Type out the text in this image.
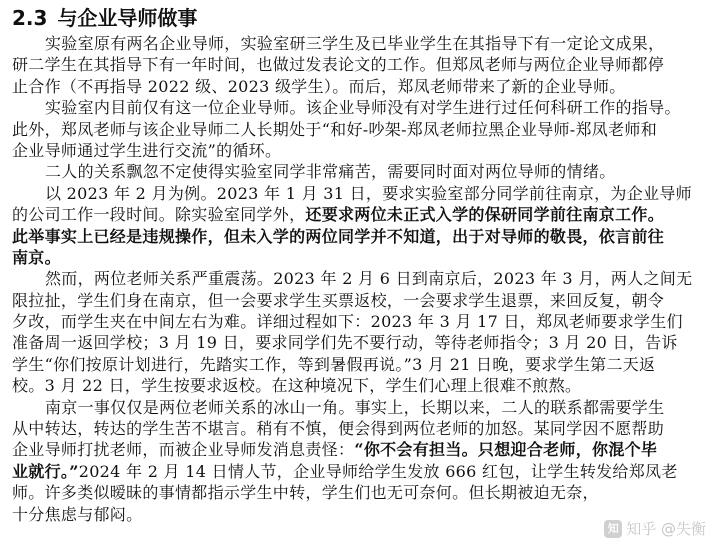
2.3 与企业导师做事
实验室原有两名企业导师，实验室研三学生及已毕业学生在其指导下有一定论文成果，
研二学生在其指导下有一年时间，也做过发表论文的工作。但郑凤老师与两位企业导师都停
止合作（不再指导 2022 级、2023 级学生）。而后，郑凤老师带来了新的企业导师。
实验室内目前仅有这一位企业导师。该企业导师没有对学生进行过任何科研工作的指导。
此外，郑凤老师与该企业导师二人长期处于“和好-吵架-郑凤老师拉黑企业导师-郑凤老师和
企业导师通过学生进行交流”的循环。
二人的关系飘忽不定使得实验室同学非常痛苦，需要同时面对两位导师的情绪。
以 2023 年 2 月为例。2023 年 1 月 31 日，要求实验室部分同学前往南京，为企业导师
的公司工作一段时间。除实验室同学外，还要求两位未正式入学的保研同学前往南京工作。
此举事实上已经是违规操作，但未入学的两位同学并不知道，出于对导师的敬畏，依言前往
南京。
然而，两位老师关系严重震荡。2023 年 2 月 6 日到南京后，2023 年 3 月，两人之间无
限拉扯，学生们身在南京，但一会要求学生买票返校，一会要求学生退票，来回反复，朝令
夕改，而学生夹在中间左右为难。详细过程如下：2023 年 3 月 17 日，郑凤老师要求学生们
准备周一返回学校；3 月 19 日，要求同学们先不要行动，等待老师指令；3 月 20 日，告诉
学生“你们按原计划进行，先踏实工作，等到暑假再说。”3 月 21 日晚，要求学生第二天返
校。3 月 22 日，学生按要求返校。在这种境况下，学生们心理上很难不煎熬。
南京一事仅仅是两位老师关系的冰山一角。事实上，长期以来，二人的联系都需要学生
从中转达，转达的学生苦不堪言。稍有不慎，便会得到两位老师的加怒。某同学因不愿帮助
企业导师打扰老师，而被企业导师发消息责怪：“你不会有担当。只想迎合老师，你混个毕
业就行。”2024 年 2 月 14 日情人节，企业导师给学生发放 666 红包，让学生转发给郑凤老
师。许多类似暧昧的事情都指示学生中转，学生们也无可奈何。但长期被迫无奈，
十分焦虑与郁闷。
知 知乎 @失衡
